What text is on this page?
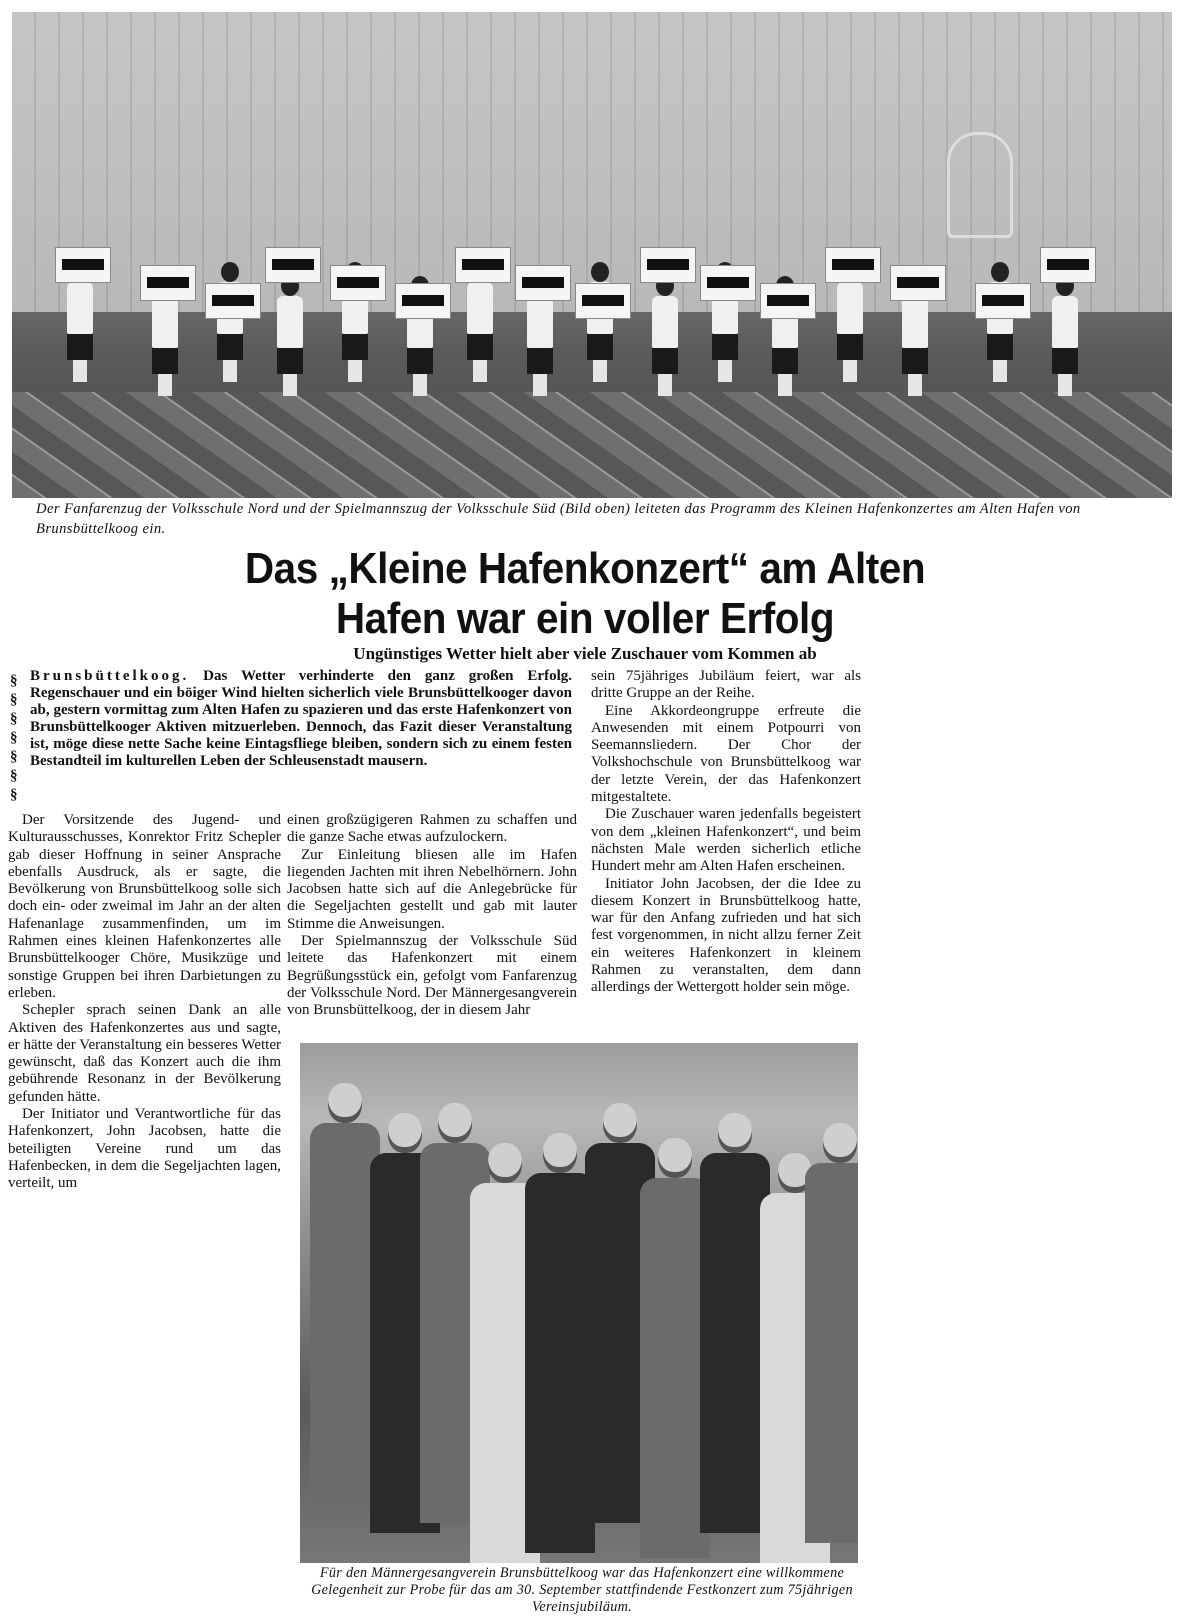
Der Fanfarenzug der Volksschule Nord und der Spielmannszug der Volksschule Süd (Bild oben) leiteten das Programm des Kleinen Hafenkonzertes am Alten Hafen von Brunsbüttelkoog ein.
Das „Kleine Hafenkonzert“ am Alten
Hafen war ein voller Erfolg
Ungünstiges Wetter hielt aber viele Zuschauer vom Kommen ab
§
§
§
§
§
§
§
Brunsbüttelkoog. Das Wetter verhinderte den ganz großen Erfolg. Regenschauer und ein böiger Wind hielten sicherlich viele Brunsbüttelkooger davon ab, gestern vormittag zum Alten Hafen zu spazieren und das erste Hafenkonzert von Brunsbüttelkooger Aktiven mitzuerleben. Dennoch, das Fazit dieser Veranstaltung ist, möge diese nette Sache keine Eintagsfliege bleiben, sondern sich zu einem festen Bestandteil im kulturellen Leben der Schleusenstadt mausern.

Der Vorsitzende des Jugend- und Kulturausschusses, Konrektor Fritz Schepler gab dieser Hoffnung in seiner Ansprache ebenfalls Ausdruck, als er sagte, die Bevölkerung von Brunsbüttelkoog solle sich doch ein- oder zweimal im Jahr an der alten Hafenanlage zusammenfinden, um im Rahmen eines kleinen Hafenkonzertes alle Brunsbüttelkooger Chöre, Musikzüge und sonstige Gruppen bei ihren Darbietungen zu erleben.

Schepler sprach seinen Dank an alle Aktiven des Hafenkonzertes aus und sagte, er hätte der Veranstaltung ein besseres Wetter gewünscht, daß das Konzert auch die ihm gebührende Resonanz in der Bevölkerung gefunden hätte.

Der Initiator und Verantwortliche für das Hafenkonzert, John Jacobsen, hatte die beteiligten Vereine rund um das Hafenbecken, in dem die Segeljachten lagen, verteilt, um

einen großzügigeren Rahmen zu schaffen und die ganze Sache etwas aufzulockern.

Zur Einleitung bliesen alle im Hafen liegenden Jachten mit ihren Nebelhörnern. John Jacobsen hatte sich auf die Anlegebrücke für die Segeljachten gestellt und gab mit lauter Stimme die Anweisungen.

Der Spielmannszug der Volksschule Süd leitete das Hafenkonzert mit einem Begrüßungsstück ein, gefolgt vom Fanfarenzug der Volksschule Nord. Der Männergesangverein von Brunsbüttelkoog, der in diesem Jahr

sein 75jähriges Jubiläum feiert, war als dritte Gruppe an der Reihe.

Eine Akkordeongruppe erfreute die Anwesenden mit einem Potpourri von Seemannsliedern. Der Chor der Volkshochschule von Brunsbüttelkoog war der letzte Verein, der das Hafenkonzert mitgestaltete.

Die Zuschauer waren jedenfalls begeistert von dem „kleinen Hafenkonzert“, und beim nächsten Male werden sicherlich etliche Hundert mehr am Alten Hafen erscheinen.

Initiator John Jacobsen, der die Idee zu diesem Konzert in Brunsbüttelkoog hatte, war für den Anfang zufrieden und hat sich fest vorgenommen, in nicht allzu ferner Zeit ein weiteres Hafenkonzert in kleinem Rahmen zu veranstalten, dem dann allerdings der Wettergott holder sein möge.

Für den Männergesangverein Brunsbüttelkoog war das Hafenkonzert eine willkommene Gelegenheit zur Probe für das am 30. September stattfindende Festkonzert zum 75jährigen Vereinsjubiläum.
